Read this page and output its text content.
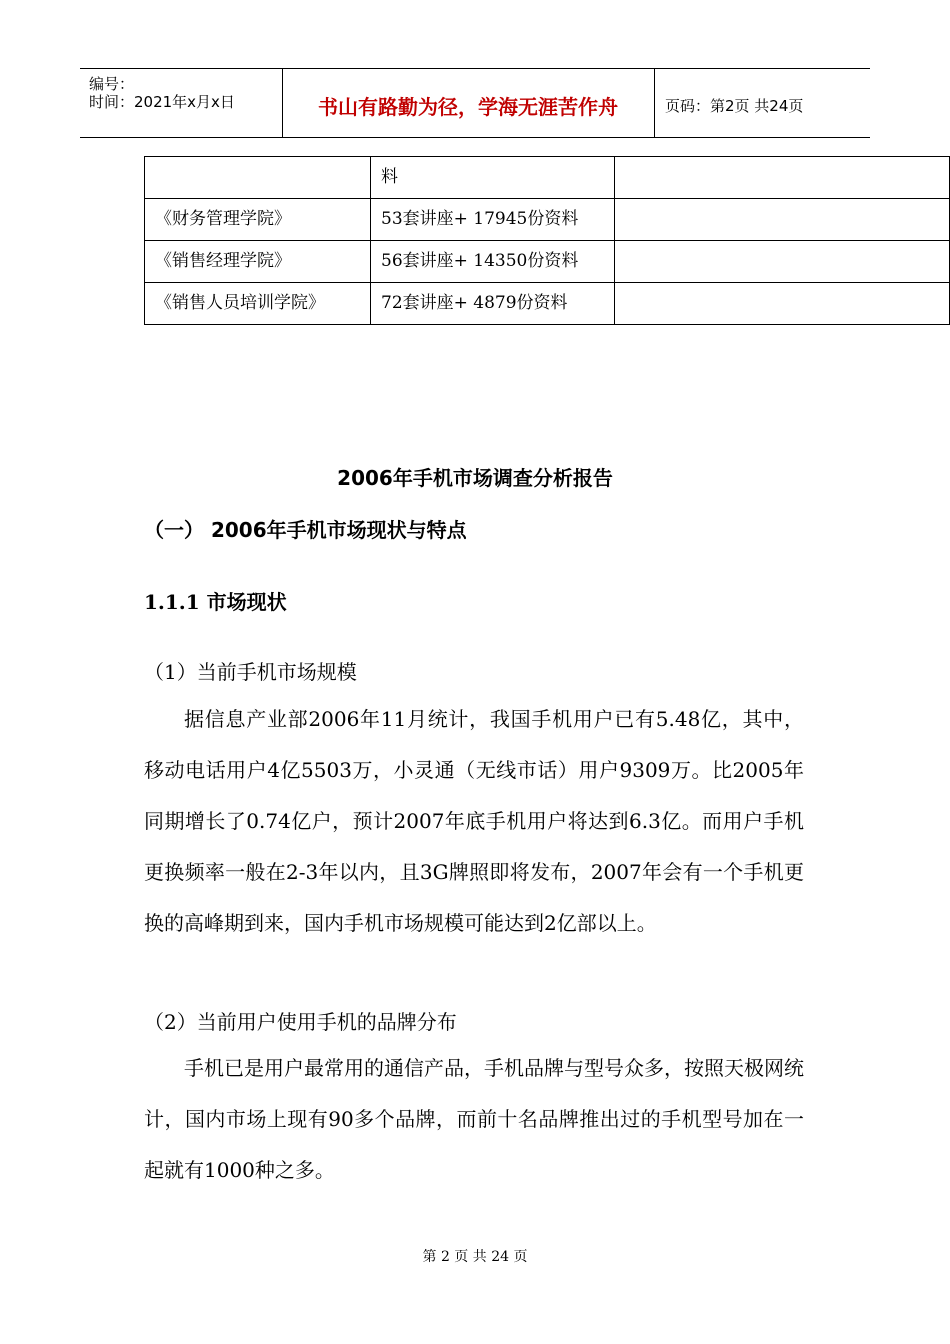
编号：
时间：2021年x月x日	书山有路勤为径，学海无涯苦作舟	页码：第2页 共24页
	料	
《财务管理学院》	53套讲座+ 17945份资料	
《销售经理学院》	56套讲座+ 14350份资料	
《销售人员培训学院》	72套讲座+ 4879份资料	
2006年手机市场调查分析报告
（一） 2006年手机市场现状与特点
1.1.1 市场现状
（1）当前手机市场规模
据信息产业部2006年11月统计，我国手机用户已有5.48亿，其中，移动电话用户4亿5503万，小灵通（无线市话）用户9309万。比2005年同期增长了0.74亿户，预计2007年底手机用户将达到6.3亿。而用户手机更换频率一般在2-3年以内，且3G牌照即将发布，2007年会有一个手机更换的高峰期到来，国内手机市场规模可能达到2亿部以上。
（2）当前用户使用手机的品牌分布
手机已是用户最常用的通信产品，手机品牌与型号众多，按照天极网统计，国内市场上现有90多个品牌，而前十名品牌推出过的手机型号加在一起就有1000种之多。
第 2 页 共 24 页
